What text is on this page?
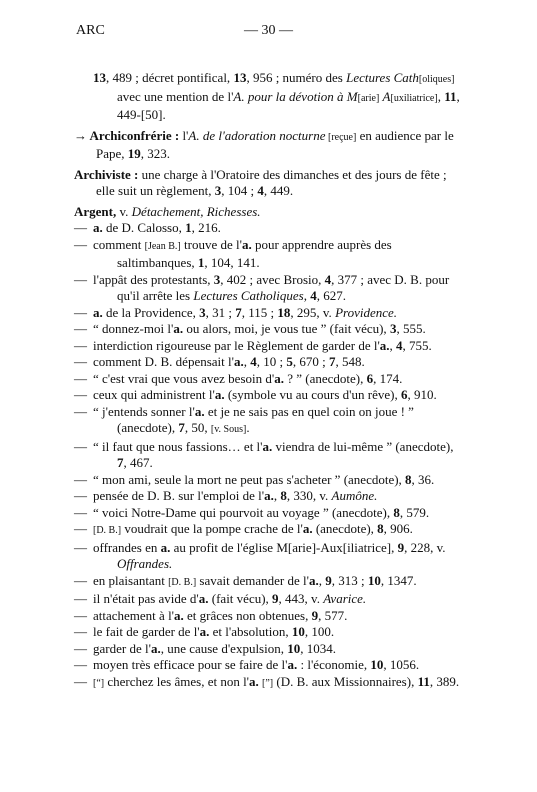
ARC	— 30 —
13, 489 ; décret pontifical, 13, 956 ; numéro des Lectures Cath[oliques] avec une mention de l'A. pour la dévotion à M[arie] A[uxiliatrice], 11, 449-[50].
→ Archiconfrérie : l'A. de l'adoration nocturne [reçue] en audience par le Pape, 19, 323.
Archiviste : une charge à l'Oratoire des dimanches et des jours de fête ; elle suit un règlement, 3, 104 ; 4, 449.
Argent, v. Détachement, Richesses.
— a. de D. Calosso, 1, 216.
— comment [Jean B.] trouve de l'a. pour apprendre auprès des saltimbanques, 1, 104, 141.
— l'appât des protestants, 3, 402 ; avec Brosio, 4, 377 ; avec D. B. pour qu'il arrête les Lectures Catholiques, 4, 627.
— a. de la Providence, 3, 31 ; 7, 115 ; 18, 295, v. Providence.
— “ donnez-moi l'a. ou alors, moi, je vous tue ” (fait vécu), 3, 555.
— interdiction rigoureuse par le Règlement de garder de l'a., 4, 755.
— comment D. B. dépensait l'a., 4, 10 ; 5, 670 ; 7, 548.
— “ c'est vrai que vous avez besoin d'a. ? ” (anecdote), 6, 174.
— ceux qui administrent l'a. (symbole vu au cours d'un rêve), 6, 910.
— “ j'entends sonner l'a. et je ne sais pas en quel coin on joue ! ” (anecdote), 7, 50, [v. Sous].
— “ il faut que nous fassions… et l'a. viendra de lui-même ” (anecdote), 7, 467.
— “ mon ami, seule la mort ne peut pas s'acheter ” (anecdote), 8, 36.
— pensée de D. B. sur l'emploi de l'a., 8, 330, v. Aumône.
— “ voici Notre-Dame qui pourvoit au voyage ” (anecdote), 8, 579.
— [D. B.] voudrait que la pompe crache de l'a. (anecdote), 8, 906.
— offrandes en a. au profit de l'église M[arie]-Aux[iliatrice], 9, 228, v. Offrandes.
— en plaisantant [D. B.] savait demander de l'a., 9, 313 ; 10, 1347.
— il n'était pas avide d'a. (fait vécu), 9, 443, v. Avarice.
— attachement à l'a. et grâces non obtenues, 9, 577.
— le fait de garder de l'a. et l'absolution, 10, 100.
— garder de l'a., une cause d'expulsion, 10, 1034.
— moyen très efficace pour se faire de l'a. : l'économie, 10, 1056.
— [“] cherchez les âmes, et non l'a. [”] (D. B. aux Missionnaires), 11, 389.
